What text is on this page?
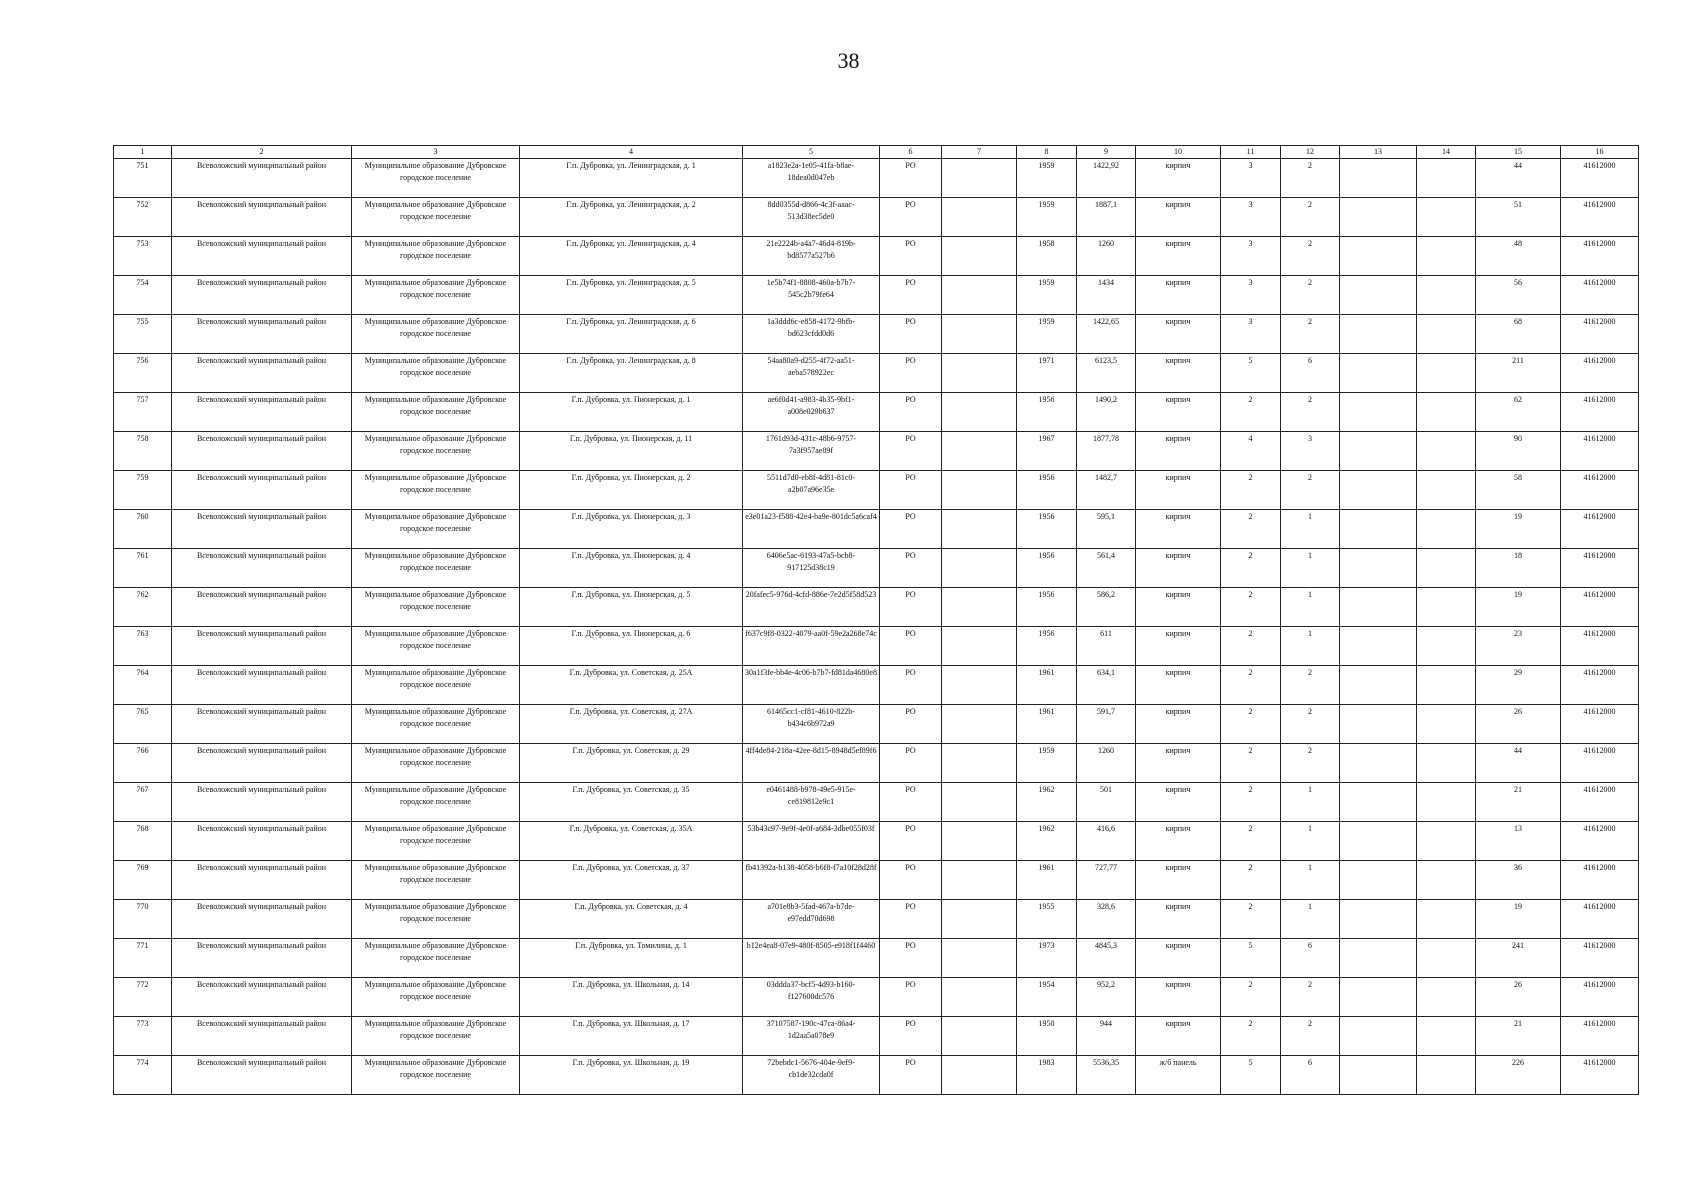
38
1	2	3	4	5	6	7	8	9	10	11	12	13	14	15	16
751	Всеволожский муниципальный район	Муниципальное образование Дубровское городское поселение	Г.п. Дубровка, ул. Ленинградская, д. 1	a1823e2a-1e05-41fa-b8ae-18dea0d047eb	РО		1959	1422,92	кирпич	3	2			44	41612000
752	Всеволожский муниципальный район	Муниципальное образование Дубровское городское поселение	Г.п. Дубровка, ул. Ленинградская, д. 2	8dd0355d-d866-4c3f-aaac-513d38ec5de0	РО		1959	1887,1	кирпич	3	2			51	41612000
753	Всеволожский муниципальный район	Муниципальное образование Дубровское городское поселение	Г.п. Дубровка, ул. Ленинградская, д. 4	21e2224b-a4a7-46d4-819b-bd8577a527b6	РО		1958	1260	кирпич	3	2			48	41612000
754	Всеволожский муниципальный район	Муниципальное образование Дубровское городское поселение	Г.п. Дубровка, ул. Ленинградская, д. 5	1e5b74f1-8808-460a-b7b7-545c2b79fe64	РО		1959	1434	кирпич	3	2			56	41612000
755	Всеволожский муниципальный район	Муниципальное образование Дубровское городское поселение	Г.п. Дубровка, ул. Ленинградская, д. 6	1a3ddd6c-e858-4172-9bfb-bd623cfdd0d6	РО		1959	1422,65	кирпич	3	2			68	41612000
756	Всеволожский муниципальный район	Муниципальное образование Дубровское городское поселение	Г.п. Дубровка, ул. Ленинградская, д. 8	54aa80a9-d255-4f72-aa51-aeba578922ec	РО		1971	6123,5	кирпич	5	6			211	41612000
757	Всеволожский муниципальный район	Муниципальное образование Дубровское городское поселение	Г.п. Дубровка, ул. Пионерская, д. 1	ae6f0d41-a983-4b35-9bf1-a008e029b637	РО		1956	1490,2	кирпич	2	2			62	41612000
758	Всеволожский муниципальный район	Муниципальное образование Дубровское городское поселение	Г.п. Дубровка, ул. Пионерская, д. 11	1761d93d-431c-48b6-9757-7a3f957ae89f	РО		1967	1877,78	кирпич	4	3			90	41612000
759	Всеволожский муниципальный район	Муниципальное образование Дубровское городское поселение	Г.п. Дубровка, ул. Пионерская, д. 2	5511d7d0-eb8f-4d81-81c0-a2b07a96e35e	РО		1956	1482,7	кирпич	2	2			58	41612000
760	Всеволожский муниципальный район	Муниципальное образование Дубровское городское поселение	Г.п. Дубровка, ул. Пионерская, д. 3	e3e01a23-f588-42e4-ba9e-801dc5a6caf4	РО		1956	595,1	кирпич	2	1			19	41612000
761	Всеволожский муниципальный район	Муниципальное образование Дубровское городское поселение	Г.п. Дубровка, ул. Пионерская, д. 4	6406e5ac-6193-47a5-bcb8-917125d38c19	РО		1956	561,4	кирпич	2	1			18	41612000
762	Всеволожский муниципальный район	Муниципальное образование Дубровское городское поселение	Г.п. Дубровка, ул. Пионерская, д. 5	20fafec5-976d-4cfd-886e-7e2d5f58d523	РО		1956	586,2	кирпич	2	1			19	41612000
763	Всеволожский муниципальный район	Муниципальное образование Дубровское городское поселение	Г.п. Дубровка, ул. Пионерская, д. 6	f637c9f8-0322-4079-aa0f-59e2a268e74c	РО		1956	611	кирпич	2	1			23	41612000
764	Всеволожский муниципальный район	Муниципальное образование Дубровское городское поселение	Г.п. Дубровка, ул. Советская, д. 25А	30a1f3fe-bb4e-4c06-b7b7-fd81da4680e8	РО		1961	634,1	кирпич	2	2			29	41612000
765	Всеволожский муниципальный район	Муниципальное образование Дубровское городское поселение	Г.п. Дубровка, ул. Советская, д. 27А	61465cc1-cf81-4610-822b-b434c6b972a9	РО		1961	591,7	кирпич	2	2			26	41612000
766	Всеволожский муниципальный район	Муниципальное образование Дубровское городское поселение	Г.п. Дубровка, ул. Советская, д. 29	4ff4de84-218a-42ee-8d15-8948d5ef89f6	РО		1959	1260	кирпич	2	2			44	41612000
767	Всеволожский муниципальный район	Муниципальное образование Дубровское городское поселение	Г.п. Дубровка, ул. Советская, д. 35	e0461488-b978-49e5-915e-ce819812e9c1	РО		1962	501	кирпич	2	1			21	41612000
768	Всеволожский муниципальный район	Муниципальное образование Дубровское городское поселение	Г.п. Дубровка, ул. Советская, д. 35А	53b43c97-9e9f-4e0f-a684-3dbe055f03f	РО		1962	416,6	кирпич	2	1			13	41612000
769	Всеволожский муниципальный район	Муниципальное образование Дубровское городское поселение	Г.п. Дубровка, ул. Советская, д. 37	fb41392a-b138-4058-b6f8-f7a10f28d28f	РО		1961	727,77	кирпич	2	1			36	41612000
770	Всеволожский муниципальный район	Муниципальное образование Дубровское городское поселение	Г.п. Дубровка, ул. Советская, д. 4	a701e8b3-5fad-467a-b7de-e97edd70d698	РО		1955	328,6	кирпич	2	1			19	41612000
771	Всеволожский муниципальный район	Муниципальное образование Дубровское городское поселение	Г.п. Дубровка, ул. Томилина, д. 1	b12e4ea8-07e9-480f-8505-e918f1f4460	РО		1973	4845,3	кирпич	5	6			241	41612000
772	Всеволожский муниципальный район	Муниципальное образование Дубровское городское поселение	Г.п. Дубровка, ул. Школьная, д. 14	03ddda37-bcf5-4d93-b160-f127600dc576	РО		1954	952,2	кирпич	2	2			26	41612000
773	Всеволожский муниципальный район	Муниципальное образование Дубровское городское поселение	Г.п. Дубровка, ул. Школьная, д. 17	37107587-190c-47ca-86a4-1d2aa5a078e9	РО		1950	944	кирпич	2	2			21	41612000
774	Всеволожский муниципальный район	Муниципальное образование Дубровское городское поселение	Г.п. Дубровка, ул. Школьная, д. 19	72bebdc1-5676-404e-9ef9-cb1de32cda0f	РО		1983	5536,35	ж/б панель	5	6			226	41612000
